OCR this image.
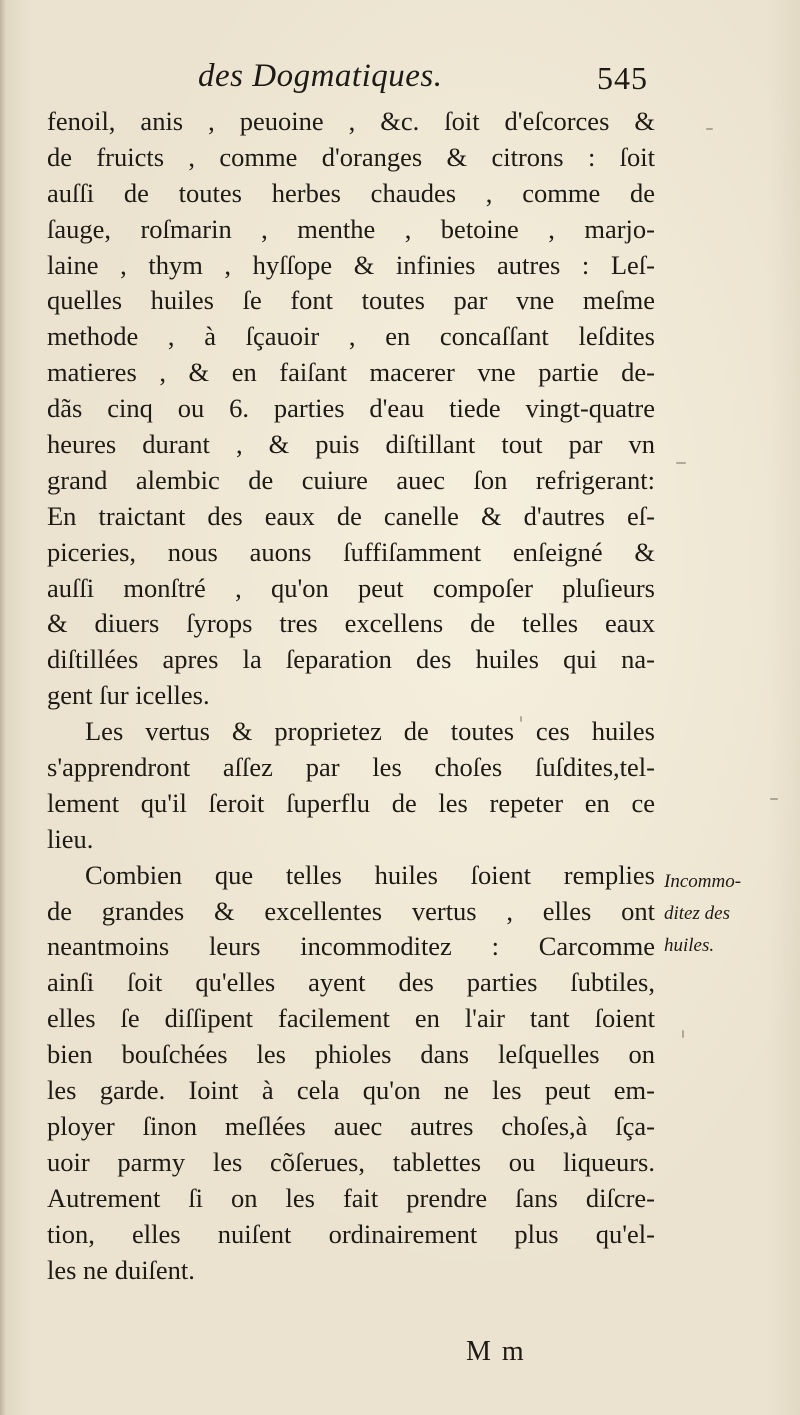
des Dogmatiques.	545
fenoil, anis , peuoine , &c. ſoit d'eſcorces &
de fruicts , comme d'oranges & citrons : ſoit
auſſi de toutes herbes chaudes , comme de
ſauge, roſmarin , menthe , betoine , marjo-
laine , thym , hyſſope & infinies autres : Leſ-
quelles huiles ſe font toutes par vne meſme
methode , à ſçauoir , en concaſſant leſdites
matieres , & en faiſant macerer vne partie de-
dãs cinq ou 6. parties d'eau tiede vingt-quatre
heures durant , & puis diſtillant tout par vn
grand alembic de cuiure auec ſon refrigerant:
En traictant des eaux de canelle & d'autres eſ-
piceries, nous auons ſuffiſamment enſeigné &
auſſi monſtré , qu'on peut compoſer pluſieurs
& diuers ſyrops tres excellens de telles eaux
diſtillées apres la ſeparation des huiles qui na-
gent ſur icelles.
Les vertus & proprietez de toutes ces huiles
s'apprendront aſſez par les choſes ſuſdites,tel-
lement qu'il ſeroit ſuperflu de les repeter en ce
lieu.
Combien que telles huiles ſoient remplies
de grandes & excellentes vertus , elles ont
neantmoins leurs incommoditez : Carcomme
ainſi ſoit qu'elles ayent des parties ſubtiles,
elles ſe diſſipent facilement en l'air tant ſoient
bien bouſchées les phioles dans leſquelles on
les garde. Ioint à cela qu'on ne les peut em-
ployer ſinon meſlées auec autres choſes,à ſça-
uoir parmy les cõſerues, tablettes ou liqueurs.
Autrement ſi on les fait prendre ſans diſcre-
tion, elles nuiſent ordinairement plus qu'el-
les ne duiſent.
Incommo-
ditez des
huiles.
M m
